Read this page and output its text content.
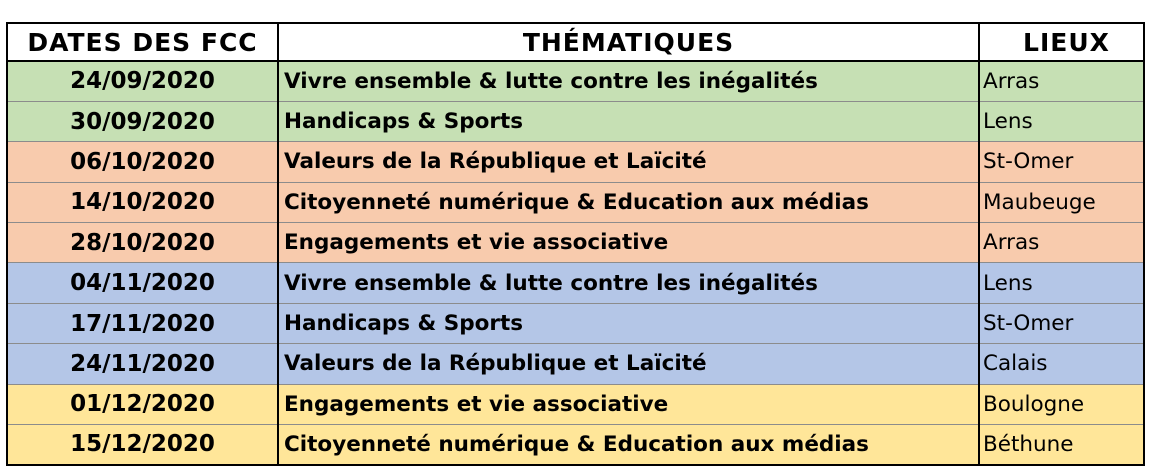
DATES DES FCC	THÉMATIQUES	LIEUX
24/09/2020	Vivre ensemble & lutte contre les inégalités	Arras
30/09/2020	Handicaps & Sports	Lens
06/10/2020	Valeurs de la République et Laïcité	St-Omer
14/10/2020	Citoyenneté numérique & Education aux médias	Maubeuge
28/10/2020	Engagements et vie associative	Arras
04/11/2020	Vivre ensemble & lutte contre les inégalités	Lens
17/11/2020	Handicaps & Sports	St-Omer
24/11/2020	Valeurs de la République et Laïcité	Calais
01/12/2020	Engagements et vie associative	Boulogne
15/12/2020	Citoyenneté numérique & Education aux médias	Béthune
